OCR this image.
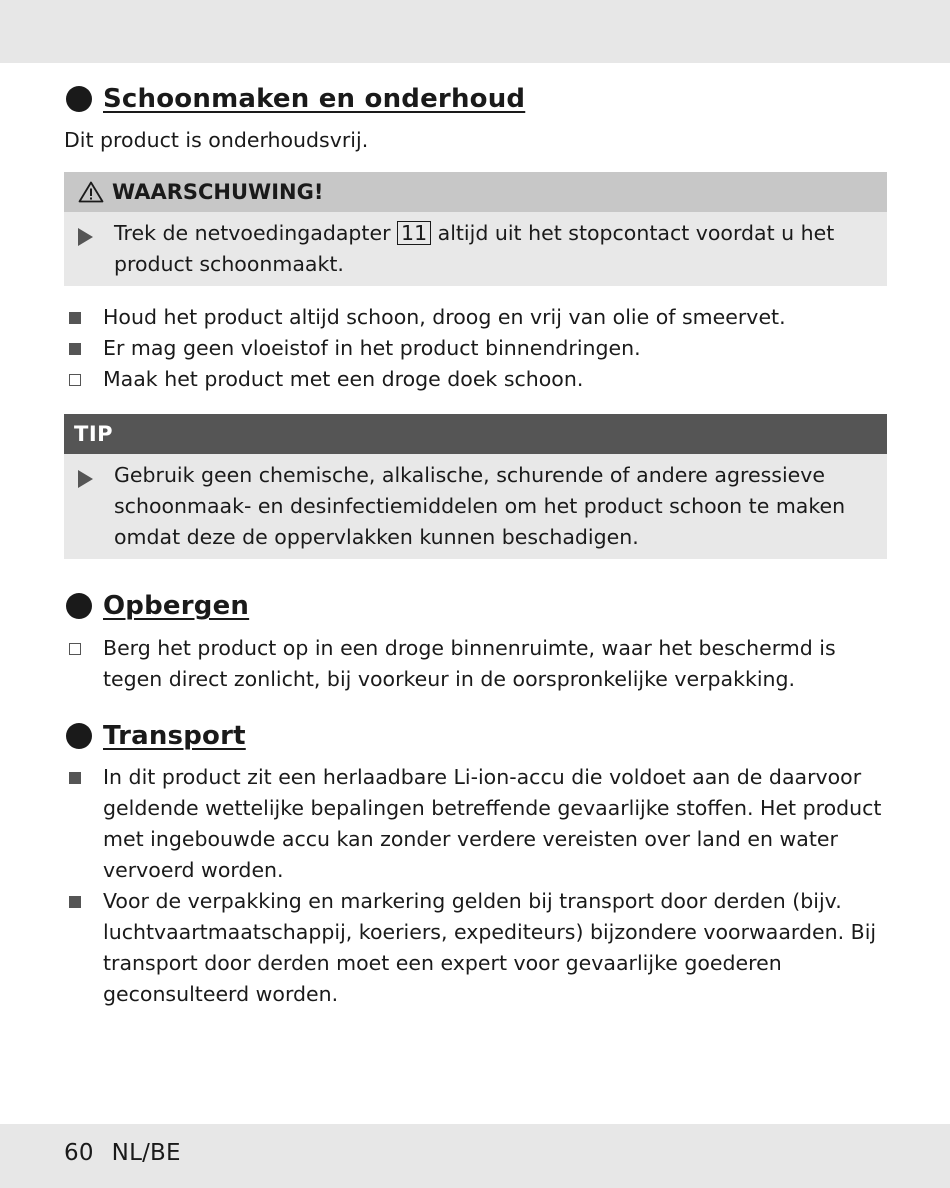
Schoonmaken en onderhoud
Dit product is onderhoudsvrij.
WAARSCHUWING!
Trek de netvoedingadapter 11 altijd uit het stopcontact voordat u het product schoonmaakt.
Houd het product altijd schoon, droog en vrij van olie of smeervet.
Er mag geen vloeistof in het product binnendringen.
Maak het product met een droge doek schoon.
TIP
Gebruik geen chemische, alkalische, schurende of andere agressieve schoonmaak- en desinfectiemiddelen om het product schoon te maken omdat deze de oppervlakken kunnen beschadigen.
Opbergen
Berg het product op in een droge binnenruimte, waar het beschermd is tegen direct zonlicht, bij voorkeur in de oorspronkelijke verpakking.
Transport
In dit product zit een herlaadbare Li-ion-accu die voldoet aan de daarvoor geldende wettelijke bepalingen betreffende gevaarlijke stoffen. Het product met ingebouwde accu kan zonder verdere vereisten over land en water vervoerd worden.
Voor de verpakking en markering gelden bij transport door derden (bijv. luchtvaartmaatschappij, koeriers, expediteurs) bijzondere voorwaarden. Bij transport door derden moet een expert voor gevaarlijke goederen geconsulteerd worden.
60 NL/BE
